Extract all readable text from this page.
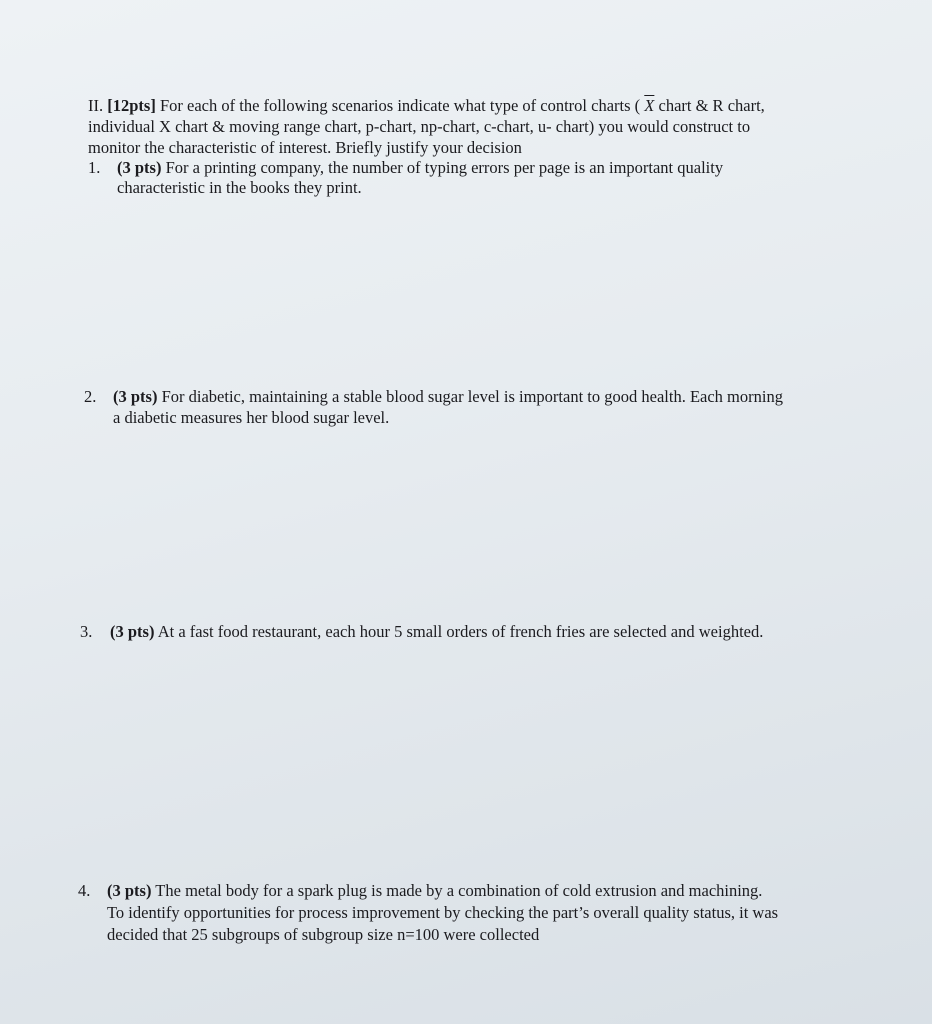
II. [12pts] For each of the following scenarios indicate what type of control charts ( $\overline{X}$ chart & R chart,
individual X chart & moving range chart, p-chart, np-chart, c-chart, u- chart) you would construct to
monitor the characteristic of interest. Briefly justify your decision
1. (3 pts) For a printing company, the number of typing errors per page is an important quality
characteristic in the books they print.
2. (3 pts) For diabetic, maintaining a stable blood sugar level is important to good health. Each morning
a diabetic measures her blood sugar level.
3. (3 pts) At a fast food restaurant, each hour 5 small orders of french fries are selected and weighted.
4. (3 pts) The metal body for a spark plug is made by a combination of cold extrusion and machining.
To identify opportunities for process improvement by checking the part’s overall quality status, it was
decided that 25 subgroups of subgroup size n=100 were collected
